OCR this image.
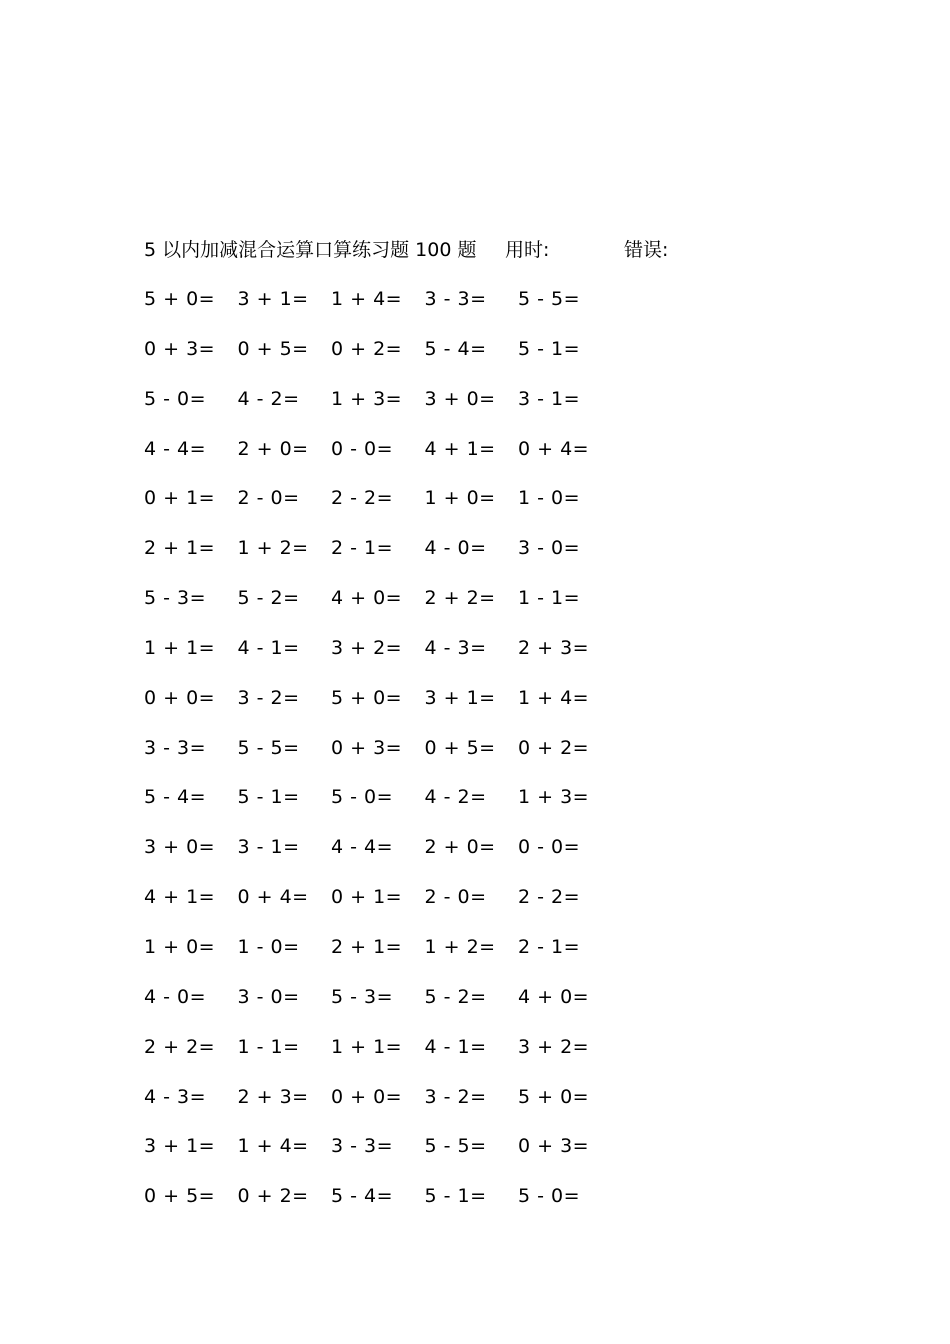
5 以内加减混合运算口算练习题 100 题 用时:	错误:
5 + 0= 3 + 1= 1 + 4= 3 - 3= 5 - 5=
0 + 3= 0 + 5= 0 + 2= 5 - 4= 5 - 1=
5 - 0= 4 - 2= 1 + 3= 3 + 0= 3 - 1=
4 - 4= 2 + 0= 0 - 0= 4 + 1= 0 + 4=
0 + 1= 2 - 0= 2 - 2= 1 + 0= 1 - 0=
2 + 1= 1 + 2= 2 - 1= 4 - 0= 3 - 0=
5 - 3= 5 - 2= 4 + 0= 2 + 2= 1 - 1=
1 + 1= 4 - 1= 3 + 2= 4 - 3= 2 + 3=
0 + 0= 3 - 2= 5 + 0= 3 + 1= 1 + 4=
3 - 3= 5 - 5= 0 + 3= 0 + 5= 0 + 2=
5 - 4= 5 - 1= 5 - 0= 4 - 2= 1 + 3=
3 + 0= 3 - 1= 4 - 4= 2 + 0= 0 - 0=
4 + 1= 0 + 4= 0 + 1= 2 - 0= 2 - 2=
1 + 0= 1 - 0= 2 + 1= 1 + 2= 2 - 1=
4 - 0= 3 - 0= 5 - 3= 5 - 2= 4 + 0=
2 + 2= 1 - 1= 1 + 1= 4 - 1= 3 + 2=
4 - 3= 2 + 3= 0 + 0= 3 - 2= 5 + 0=
3 + 1= 1 + 4= 3 - 3= 5 - 5= 0 + 3=
0 + 5= 0 + 2= 5 - 4= 5 - 1= 5 - 0=
